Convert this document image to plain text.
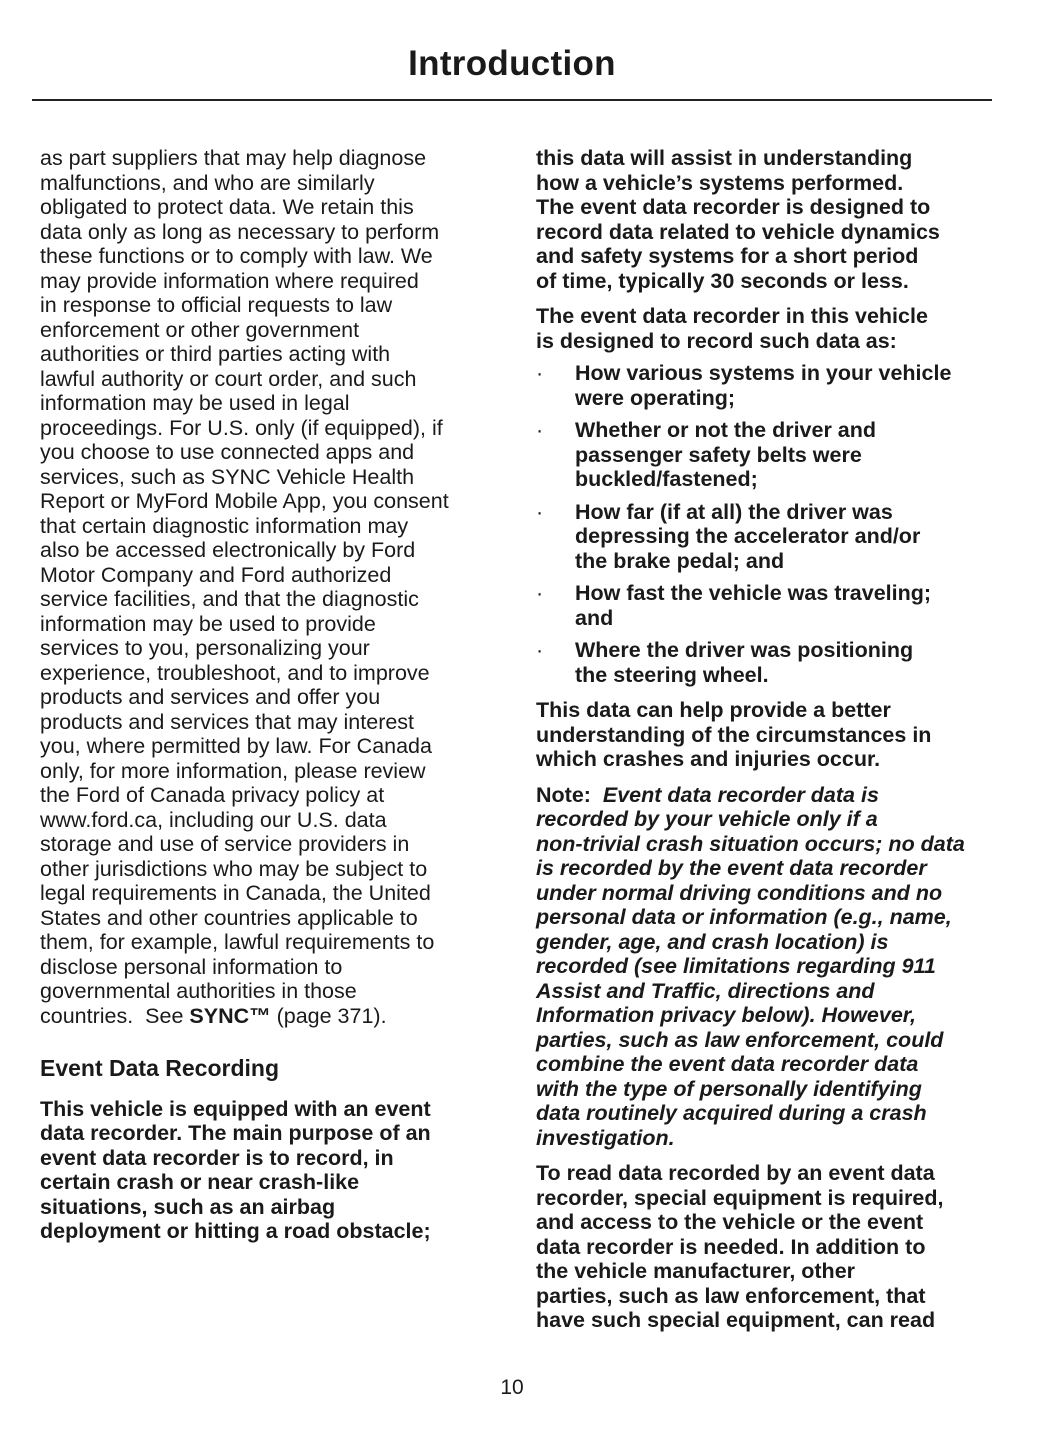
Introduction

as part suppliers that may help diagnose
malfunctions, and who are similarly
obligated to protect data. We retain this
data only as long as necessary to perform
these functions or to comply with law. We
may provide information where required
in response to official requests to law
enforcement or other government
authorities or third parties acting with
lawful authority or court order, and such
information may be used in legal
proceedings. For U.S. only (if equipped), if
you choose to use connected apps and
services, such as SYNC Vehicle Health
Report or MyFord Mobile App, you consent
that certain diagnostic information may
also be accessed electronically by Ford
Motor Company and Ford authorized
service facilities, and that the diagnostic
information may be used to provide
services to you, personalizing your
experience, troubleshoot, and to improve
products and services and offer you
products and services that may interest
you, where permitted by law. For Canada
only, for more information, please review
the Ford of Canada privacy policy at
www.ford.ca, including our U.S. data
storage and use of service providers in
other jurisdictions who may be subject to
legal requirements in Canada, the United
States and other countries applicable to
them, for example, lawful requirements to
disclose personal information to
governmental authorities in those
countries.  See SYNC™ (page 371).

Event Data Recording

This vehicle is equipped with an event
data recorder. The main purpose of an
event data recorder is to record, in
certain crash or near crash-like
situations, such as an airbag
deployment or hitting a road obstacle;

this data will assist in understanding
how a vehicle’s systems performed.
The event data recorder is designed to
record data related to vehicle dynamics
and safety systems for a short period
of time, typically 30 seconds or less.

The event data recorder in this vehicle
is designed to record such data as:

· How various systems in your vehicle
were operating;
· Whether or not the driver and
passenger safety belts were
buckled/fastened;
· How far (if at all) the driver was
depressing the accelerator and/or
the brake pedal; and
· How fast the vehicle was traveling;
and
· Where the driver was positioning
the steering wheel.

This data can help provide a better
understanding of the circumstances in
which crashes and injuries occur.

Note:  Event data recorder data is
recorded by your vehicle only if a
non-trivial crash situation occurs; no data
is recorded by the event data recorder
under normal driving conditions and no
personal data or information (e.g., name,
gender, age, and crash location) is
recorded (see limitations regarding 911
Assist and Traffic, directions and
Information privacy below). However,
parties, such as law enforcement, could
combine the event data recorder data
with the type of personally identifying
data routinely acquired during a crash
investigation.

To read data recorded by an event data
recorder, special equipment is required,
and access to the vehicle or the event
data recorder is needed. In addition to
the vehicle manufacturer, other
parties, such as law enforcement, that
have such special equipment, can read

10
